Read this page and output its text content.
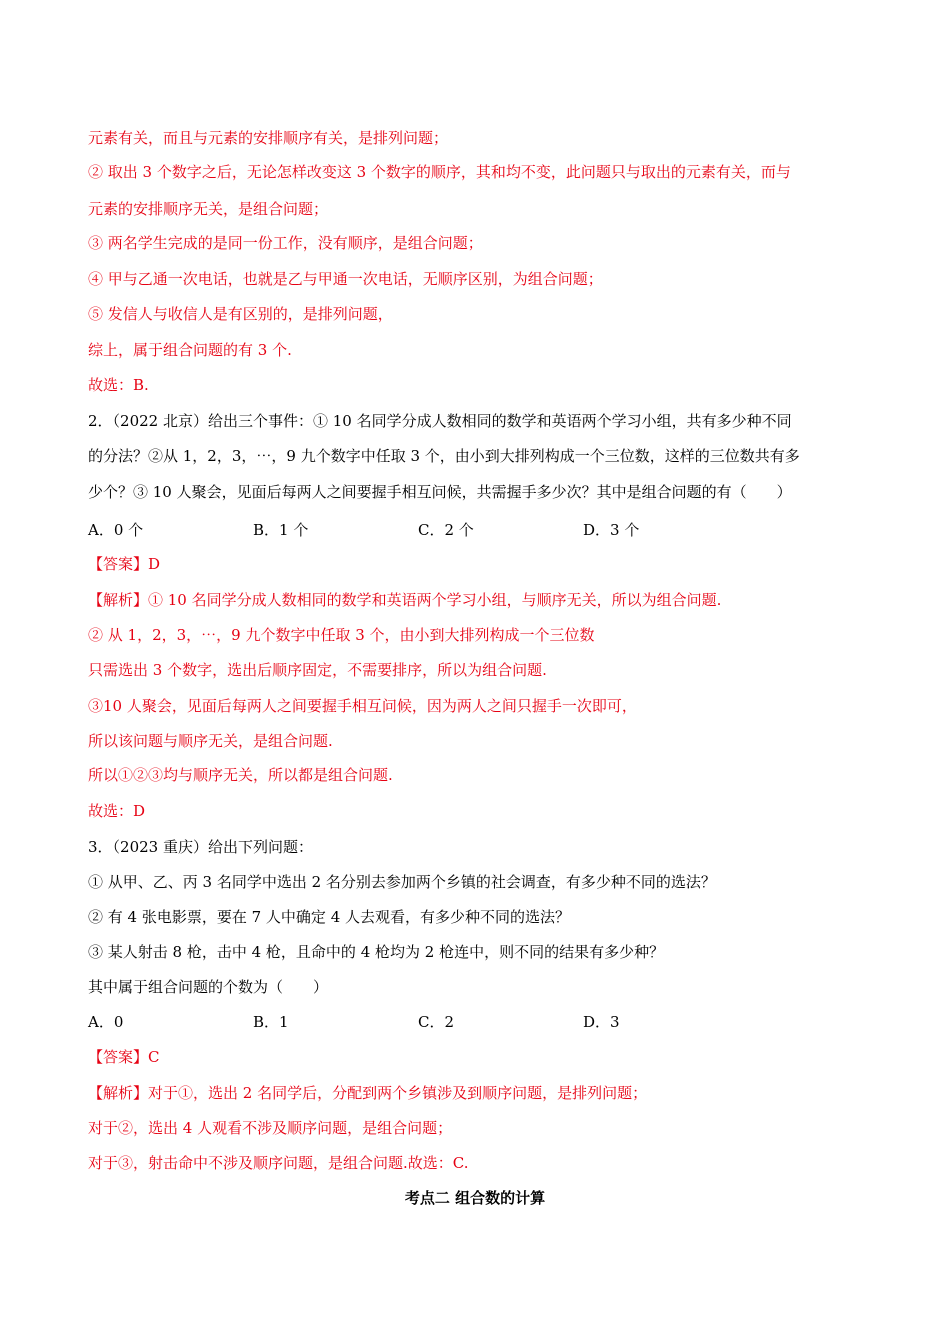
元素有关，而且与元素的安排顺序有关，是排列问题；
② 取出 3 个数字之后，无论怎样改变这 3 个数字的顺序，其和均不变，此问题只与取出的元素有关，而与
元素的安排顺序无关，是组合问题；
③ 两名学生完成的是同一份工作，没有顺序，是组合问题；
④ 甲与乙通一次电话，也就是乙与甲通一次电话，无顺序区别，为组合问题；
⑤ 发信人与收信人是有区别的，是排列问题，
综上，属于组合问题的有 3 个.
故选：B.
2．（2022 北京）给出三个事件：① 10 名同学分成人数相同的数学和英语两个学习小组，共有多少种不同
的分法？②从 1，2，3，⋯，9 九个数字中任取 3 个，由小到大排列构成一个三位数，这样的三位数共有多
少个？③ 10 人聚会，见面后每两人之间要握手相互问候，共需握手多少次？其中是组合问题的有（　　）
A．0 个	B．1 个	C．2 个	D．3 个
【答案】D
【解析】① 10 名同学分成人数相同的数学和英语两个学习小组，与顺序无关，所以为组合问题.
② 从 1，2，3，⋯，9 九个数字中任取 3 个，由小到大排列构成一个三位数
只需选出 3 个数字，选出后顺序固定，不需要排序，所以为组合问题.
③10 人聚会，见面后每两人之间要握手相互问候，因为两人之间只握手一次即可，
所以该问题与顺序无关，是组合问题.
所以①②③均与顺序无关，所以都是组合问题.
故选：D
3．（2023 重庆）给出下列问题：
① 从甲、乙、丙 3 名同学中选出 2 名分别去参加两个乡镇的社会调查，有多少种不同的选法？
② 有 4 张电影票，要在 7 人中确定 4 人去观看，有多少种不同的选法？
③ 某人射击 8 枪，击中 4 枪，且命中的 4 枪均为 2 枪连中，则不同的结果有多少种？
其中属于组合问题的个数为（　　）
A．0	B．1	C．2	D．3
【答案】C
【解析】对于①，选出 2 名同学后，分配到两个乡镇涉及到顺序问题，是排列问题；
对于②，选出 4 人观看不涉及顺序问题，是组合问题；
对于③，射击命中不涉及顺序问题，是组合问题.故选：C.
考点二 组合数的计算
